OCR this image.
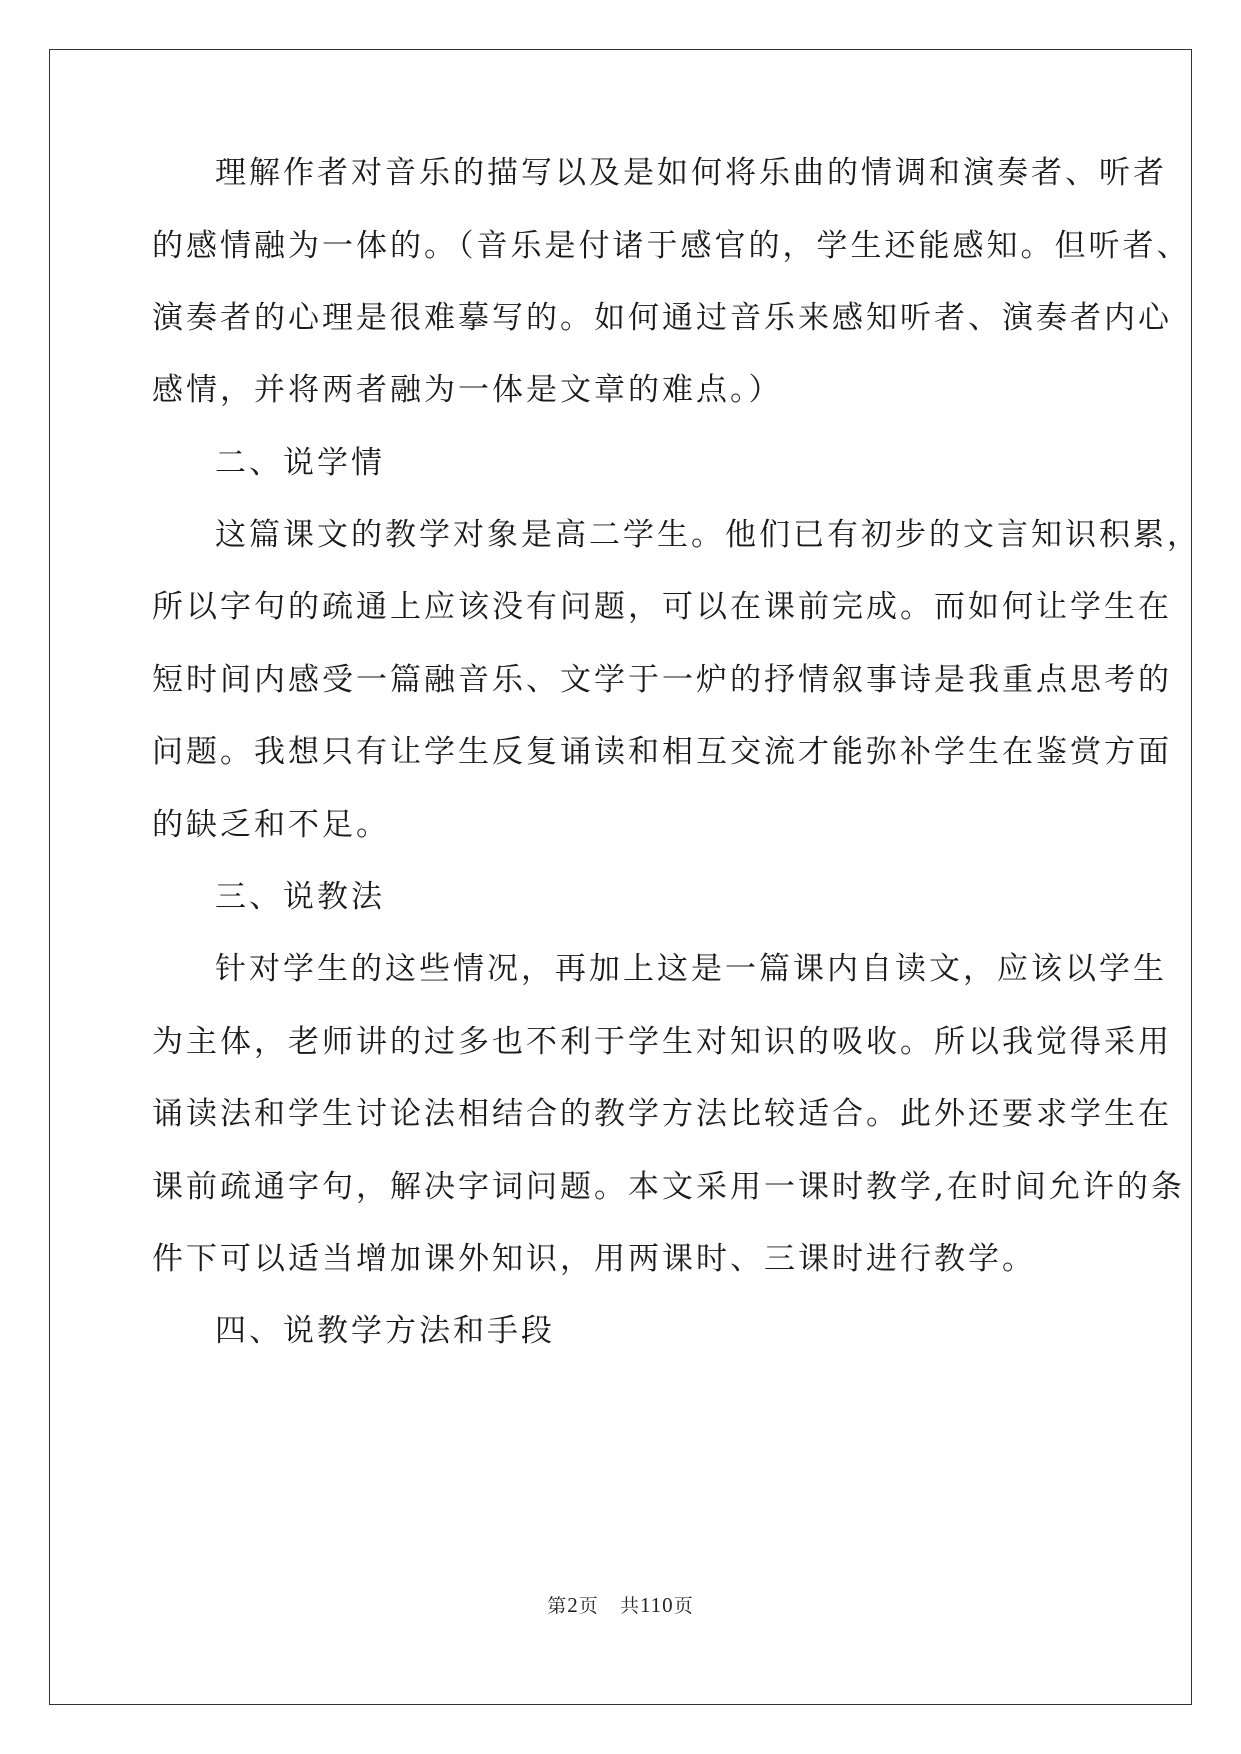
理解作者对音乐的描写以及是如何将乐曲的情调和演奏者、听者
的感情融为一体的。（音乐是付诸于感官的，学生还能感知。但听者、
演奏者的心理是很难摹写的。如何通过音乐来感知听者、演奏者内心
感情，并将两者融为一体是文章的难点。）
二、说学情
这篇课文的教学对象是高二学生。他们已有初步的文言知识积累，
所以字句的疏通上应该没有问题，可以在课前完成。而如何让学生在
短时间内感受一篇融音乐、文学于一炉的抒情叙事诗是我重点思考的
问题。我想只有让学生反复诵读和相互交流才能弥补学生在鉴赏方面
的缺乏和不足。
三、说教法
针对学生的这些情况，再加上这是一篇课内自读文，应该以学生
为主体，老师讲的过多也不利于学生对知识的吸收。所以我觉得采用
诵读法和学生讨论法相结合的教学方法比较适合。此外还要求学生在
课前疏通字句，解决字词问题。本文采用一课时教学,在时间允许的条
件下可以适当增加课外知识，用两课时、三课时进行教学。
四、说教学方法和手段
第2页 共110页
